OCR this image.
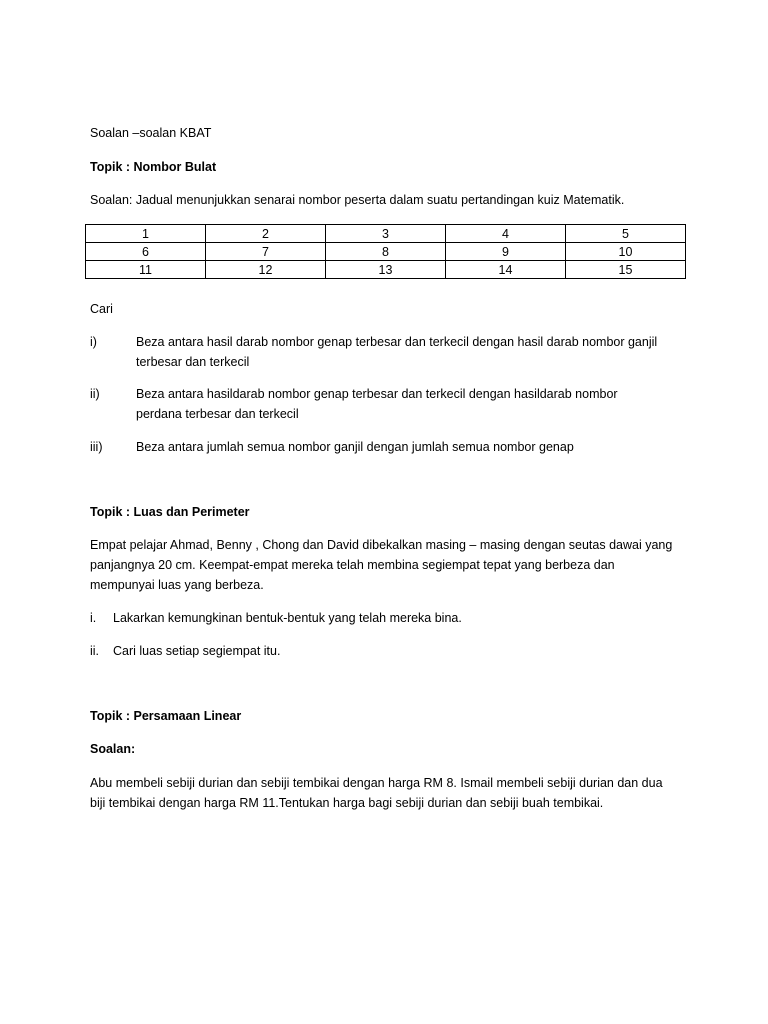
Soalan –soalan KBAT
Topik : Nombor Bulat
Soalan: Jadual menunjukkan senarai nombor peserta dalam suatu pertandingan kuiz Matematik.
1	2	3	4	5
6	7	8	9	10
11	12	13	14	15
Cari
i)	Beza antara hasil darab nombor genap terbesar dan terkecil dengan hasil darab nombor ganjil
terbesar dan terkecil
ii)	Beza antara hasildarab nombor genap terbesar dan terkecil dengan hasildarab nombor
perdana terbesar dan terkecil
iii)	Beza antara jumlah semua nombor ganjil dengan jumlah semua nombor genap
Topik : Luas dan Perimeter
Empat pelajar Ahmad, Benny , Chong dan David dibekalkan masing – masing dengan seutas dawai yang
panjangnya 20 cm. Keempat-empat mereka telah membina segiempat tepat yang berbeza dan
mempunyai luas yang berbeza.
i. Lakarkan kemungkinan bentuk-bentuk yang telah mereka bina.
ii. Cari luas setiap segiempat itu.
Topik : Persamaan Linear
Soalan:
Abu membeli sebiji durian dan sebiji tembikai dengan harga RM 8. Ismail membeli sebiji durian dan dua
biji tembikai dengan harga RM 11.Tentukan harga bagi sebiji durian dan sebiji buah tembikai.
